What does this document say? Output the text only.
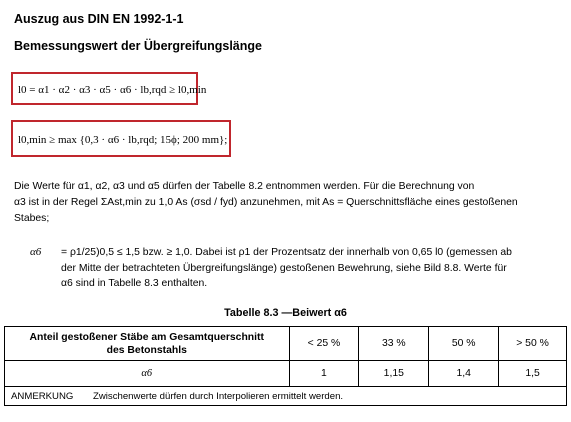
Auszug aus DIN EN 1992-1-1
Bemessungswert der Übergreifungslänge
l0 = α1 · α2 · α3 · α5 · α6 · lb,rqd ≥ l0,min
l0,min ≥ max {0,3 · α6 · lb,rqd; 15ϕ; 200 mm};
Die Werte für α1, α2, α3 und α5 dürfen der Tabelle 8.2 entnommen werden. Für die Berechnung von
α3 ist in der Regel ΣAst,min zu 1,0 As (σsd / fyd) anzunehmen, mit As = Querschnittsfläche eines gestoßenen
Stabes;
α6 = ρ1/25)0,5 ≤ 1,5 bzw. ≥ 1,0. Dabei ist ρ1 der Prozentsatz der innerhalb von 0,65 l0 (gemessen ab
der Mitte der betrachteten Übergreifungslänge) gestoßenen Bewehrung, siehe Bild 8.8. Werte für
α6 sind in Tabelle 8.3 enthalten.
Tabelle 8.3 —Beiwert α6
Anteil gestoßener Stäbe am Gesamtquerschnitt
des Betonstahls	< 25 %	33 %	50 %	> 50 %
α6	1	1,15	1,4	1,5
ANMERKUNG Zwischenwerte dürfen durch Interpolieren ermittelt werden.				
